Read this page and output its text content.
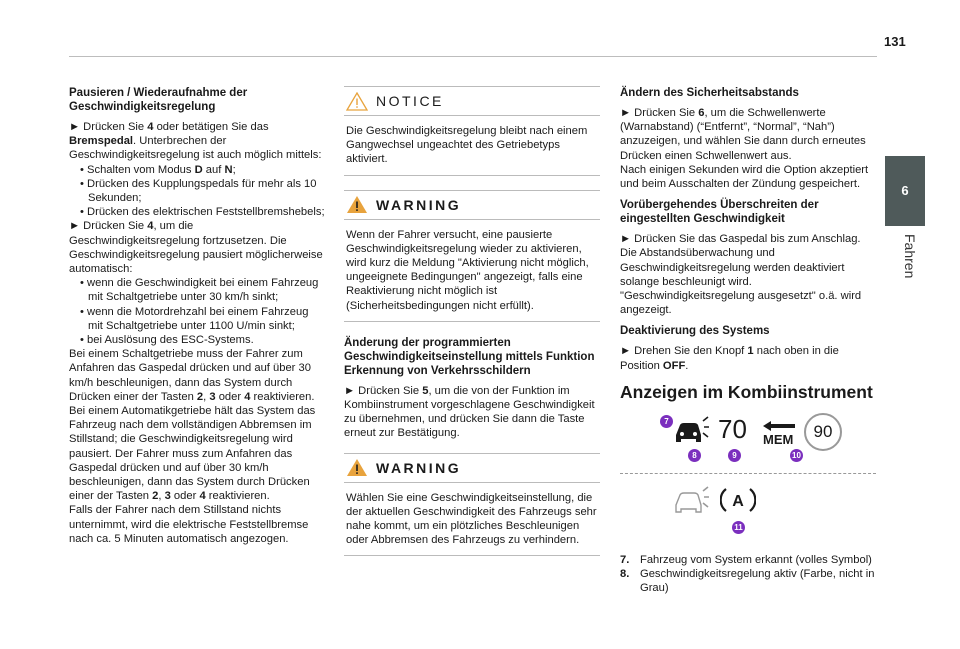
131
6
Fahren
Pausieren / Wiederaufnahme der Geschwindigkeitsregelung

► Drücken Sie 4 oder betätigen Sie das Bremspedal. Unterbrechen der Geschwindigkeitsregelung ist auch möglich mittels:

• Schalten vom Modus D auf N;

• Drücken des Kupplungspedals für mehr als 10 Sekunden;

• Drücken des elektrischen Feststellbremshebels;

► Drücken Sie 4, um die Geschwindigkeitsregelung fortzusetzen. Die Geschwindigkeitsregelung pausiert möglicherweise automatisch:

• wenn die Geschwindigkeit bei einem Fahrzeug mit Schaltgetriebe unter 30 km/h sinkt;

• wenn die Motordrehzahl bei einem Fahrzeug mit Schaltgetriebe unter 1100 U/min sinkt;

• bei Auslösung des ESC-Systems.

Bei einem Schaltgetriebe muss der Fahrer zum Anfahren das Gaspedal drücken und auf über 30 km/h beschleunigen, dann das System durch Drücken einer der Tasten 2, 3 oder 4 reaktivieren.

Bei einem Automatikgetriebe hält das System das Fahrzeug nach dem vollständigen Abbremsen im Stillstand; die Geschwindigkeitsregelung wird pausiert. Der Fahrer muss zum Anfahren das Gaspedal drücken und auf über 30 km/h beschleunigen, dann das System durch Drücken einer der Tasten 2, 3 oder 4 reaktivieren.

Falls der Fahrer nach dem Stillstand nichts unternimmt, wird die elektrische Feststellbremse nach ca. 5 Minuten automatisch angezogen.

NOTICE
Die Geschwindigkeitsregelung bleibt nach einem Gangwechsel ungeachtet des Getriebetyps aktiviert.
WARNING
Wenn der Fahrer versucht, eine pausierte Geschwindigkeitsregelung wieder zu aktivieren, wird kurz die Meldung "Aktivierung nicht möglich, ungeeignete Bedingungen" angezeigt, falls eine Reaktivierung nicht möglich ist (Sicherheitsbedingungen nicht erfüllt).
Änderung der programmierten Geschwindigkeitseinstellung mittels Funktion Erkennung von Verkehrsschildern

► Drücken Sie 5, um die von der Funktion im Kombiinstrument vorgeschlagene Geschwindigkeit zu übernehmen, und drücken Sie dann die Taste erneut zur Bestätigung.

WARNING
Wählen Sie eine Geschwindigkeitseinstellung, die der aktuellen Geschwindigkeit des Fahrzeugs sehr nahe kommt, um ein plötzliches Beschleunigen oder Abbremsen des Fahrzeugs zu verhindern.
Ändern des Sicherheitsabstands

► Drücken Sie 6, um die Schwellenwerte (Warnabstand) (“Entfernt”, “Normal”, “Nah”) anzuzeigen, und wählen Sie dann durch erneutes Drücken einen Schwellenwert aus.

Nach einigen Sekunden wird die Option akzeptiert und beim Ausschalten der Zündung gespeichert.

Vorübergehendes Überschreiten der eingestellten Geschwindigkeit

► Drücken Sie das Gaspedal bis zum Anschlag. Die Abstandsüberwachung und Geschwindigkeitsregelung werden deaktiviert solange beschleunigt wird. "Geschwindigkeitsregelung ausgesetzt" o.ä. wird angezeigt.

Deaktivierung des Systems

► Drehen Sie den Knopf 1 nach oben in die Position OFF.

Anzeigen im Kombiinstrument
70 MEM	90
7
8	9	10
A
11

7. Fahrzeug vom System erkannt (volles Symbol)

8. Geschwindigkeitsregelung aktiv (Farbe, nicht in Grau)
